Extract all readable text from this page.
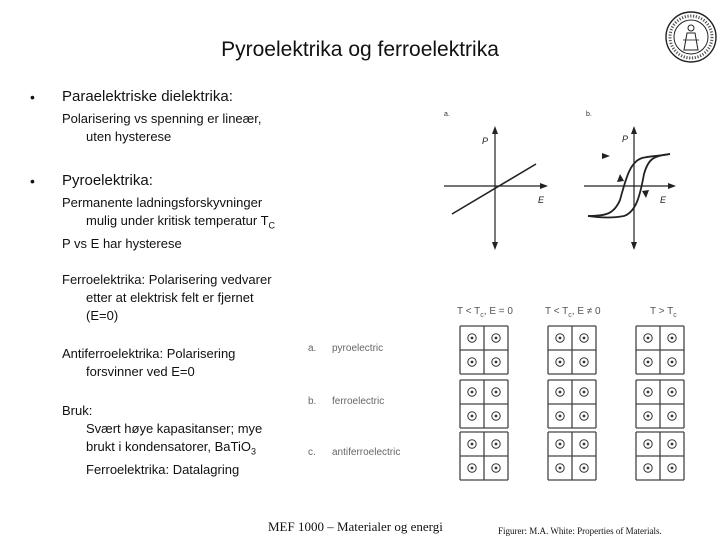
Pyroelektrika og ferroelektrika
• Paraelektriske dielektrika:
Polarisering vs spenning er lineær,
uten hysterese
• Pyroelektrika:
Permanente ladningsforskyvninger
mulig under kritisk temperatur $T_C$
P vs E har hysterese
Ferroelektrika: Polarisering vedvarer
etter at elektrisk felt er fjernet
(E=0)
Antiferroelektrika: Polarisering
forsvinner ved E=0
Bruk:
Svært høye kapasitanser; mye
brukt i kondensatorer, BaTiO$_3$
Ferroelektrika: Datalagring
a.	b.
P
E
P
E
$T < T_c$, E = 0	$T < T_c$, E ≠ 0	$T > T_c$
a. pyroelectric
b. ferroelectric
c. antiferroelectric
MEF 1000 – Materialer og energi	Figurer: M.A. White: Properties of Materials.
